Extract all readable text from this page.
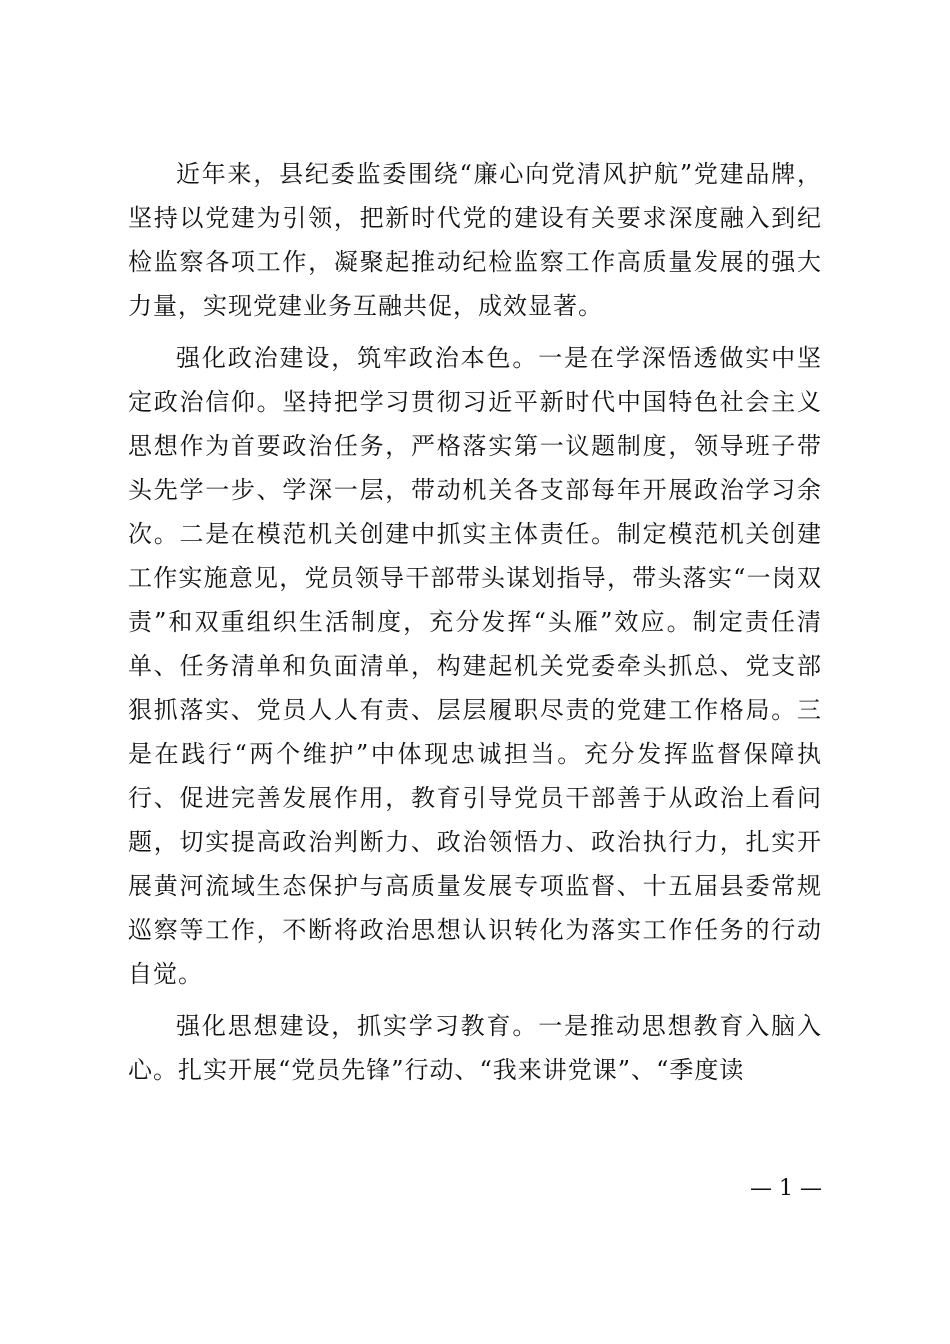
近年来，县纪委监委围绕“廉心向党清风护航”党建品牌，坚持以党建为引领，把新时代党的建设有关要求深度融入到纪检监察各项工作，凝聚起推动纪检监察工作高质量发展的强大力量，实现党建业务互融共促，成效显著。

强化政治建设，筑牢政治本色。一是在学深悟透做实中坚定政治信仰。坚持把学习贯彻习近平新时代中国特色社会主义思想作为首要政治任务，严格落实第一议题制度，领导班子带头先学一步、学深一层，带动机关各支部每年开展政治学习余次。二是在模范机关创建中抓实主体责任。制定模范机关创建工作实施意见，党员领导干部带头谋划指导，带头落实“一岗双责”和双重组织生活制度，充分发挥“头雁”效应。制定责任清单、任务清单和负面清单，构建起机关党委牵头抓总、党支部狠抓落实、党员人人有责、层层履职尽责的党建工作格局。三是在践行“两个维护”中体现忠诚担当。充分发挥监督保障执行、促进完善发展作用，教育引导党员干部善于从政治上看问题，切实提高政治判断力、政治领悟力、政治执行力，扎实开展黄河流域生态保护与高质量发展专项监督、十五届县委常规巡察等工作，不断将政治思想认识转化为落实工作任务的行动自觉。

强化思想建设，抓实学习教育。一是推动思想教育入脑入心。扎实开展“党员先锋”行动、“我来讲党课”、“季度读

— 1 —
